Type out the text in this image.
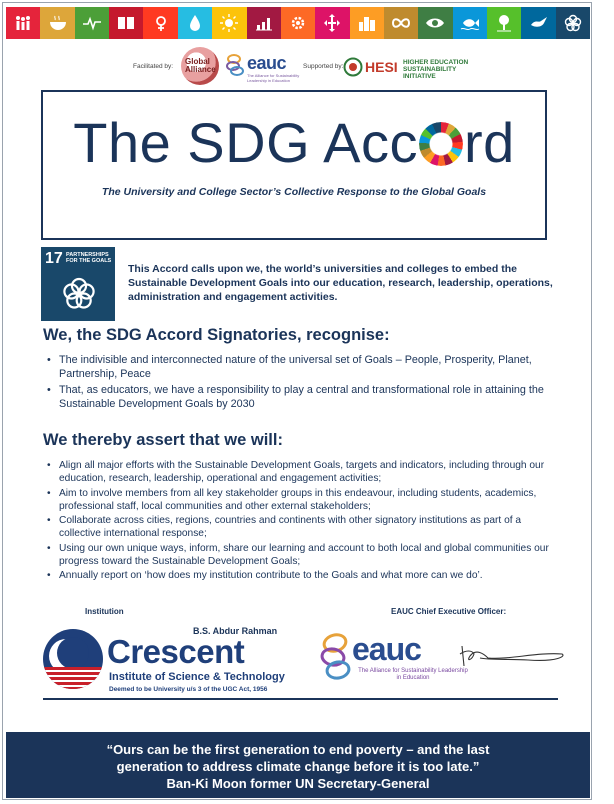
Facilitated by:
Global Alliance eauc
The Alliance for Sustainability Leadership in Education
Supported by: HESI HIGHER EDUCATION SUSTAINABILITY INITIATIVE
The SDG Acc rd
The University and College Sector’s Collective Response to the Global Goals
17 PARTNERSHIPS
FOR THE GOALS
This Accord calls upon we, the world’s universities and colleges to embed the Sustainable Development Goals into our education, research, leadership, operations, administration and engagement activities.
We, the SDG Accord Signatories, recognise:
• The indivisible and interconnected nature of the universal set of Goals – People, Prosperity, Planet, Partnership, Peace
• That, as educators, we have a responsibility to play a central and transformational role in attaining the Sustainable Development Goals by 2030
We thereby assert that we will:
• Align all major efforts with the Sustainable Development Goals, targets and indicators, including through our education, research, leadership, operational and engagement activities;
• Aim to involve members from all key stakeholder groups in this endeavour, including students, academics, professional staff, local communities and other external stakeholders;
• Collaborate across cities, regions, countries and continents with other signatory institutions as part of a collective international response;
• Using our own unique ways, inform, share our learning and account to both local and global communities our progress toward the Sustainable Development Goals;
• Annually report on ‘how does my institution contribute to the Goals and what more can we do’.
Institution	EAUC Chief Executive Officer:
B.S. Abdur Rahman
Crescent
Institute of Science & Technology
Deemed to be University u/s 3 of the UGC Act, 1956
eauc
The Alliance for Sustainability Leadership in Education
“Ours can be the first generation to end poverty – and the last
generation to address climate change before it is too late.”
Ban-Ki Moon former UN Secretary-General
